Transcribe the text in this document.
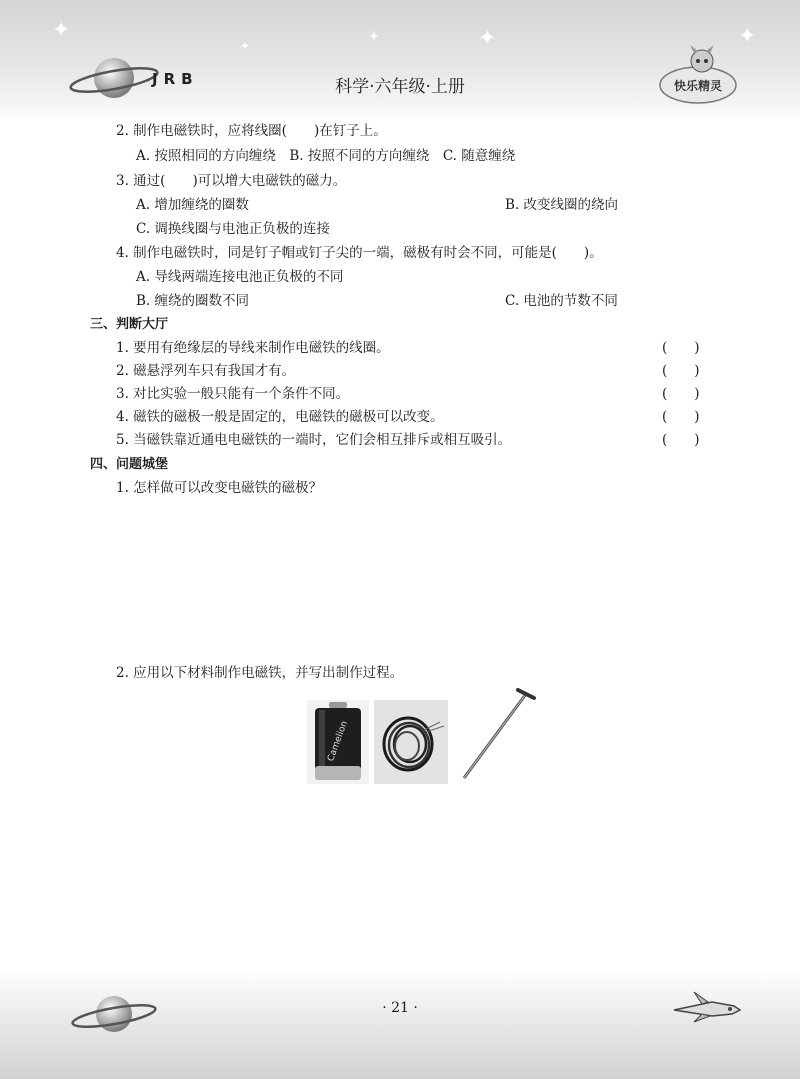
✦	✦	✦	✦
✦
JRB	科学·六年级·上册	快乐精灵
2. 制作电磁铁时，应将线圈(　　)在钉子上。
A. 按照相同的方向缠绕　B. 按照不同的方向缠绕　C. 随意缠绕
3. 通过(　　)可以增大电磁铁的磁力。
A. 增加缠绕的圈数	B. 改变线圈的绕向
C. 调换线圈与电池正负极的连接
4. 制作电磁铁时，同是钉子帽或钉子尖的一端，磁极有时会不同，可能是(　　)。
A. 导线两端连接电池正负极的不同
B. 缠绕的圈数不同	C. 电池的节数不同
三、判断大厅
1. 要用有绝缘层的导线来制作电磁铁的线圈。	(　　)
2. 磁悬浮列车只有我国才有。	(　　)
3. 对比实验一般只能有一个条件不同。	(　　)
4. 磁铁的磁极一般是固定的，电磁铁的磁极可以改变。	(　　)
5. 当磁铁靠近通电电磁铁的一端时，它们会相互排斥或相互吸引。	(　　)
四、问题城堡
1. 怎样做可以改变电磁铁的磁极？
2. 应用以下材料制作电磁铁，并写出制作过程。
Camelion
· 21 ·
